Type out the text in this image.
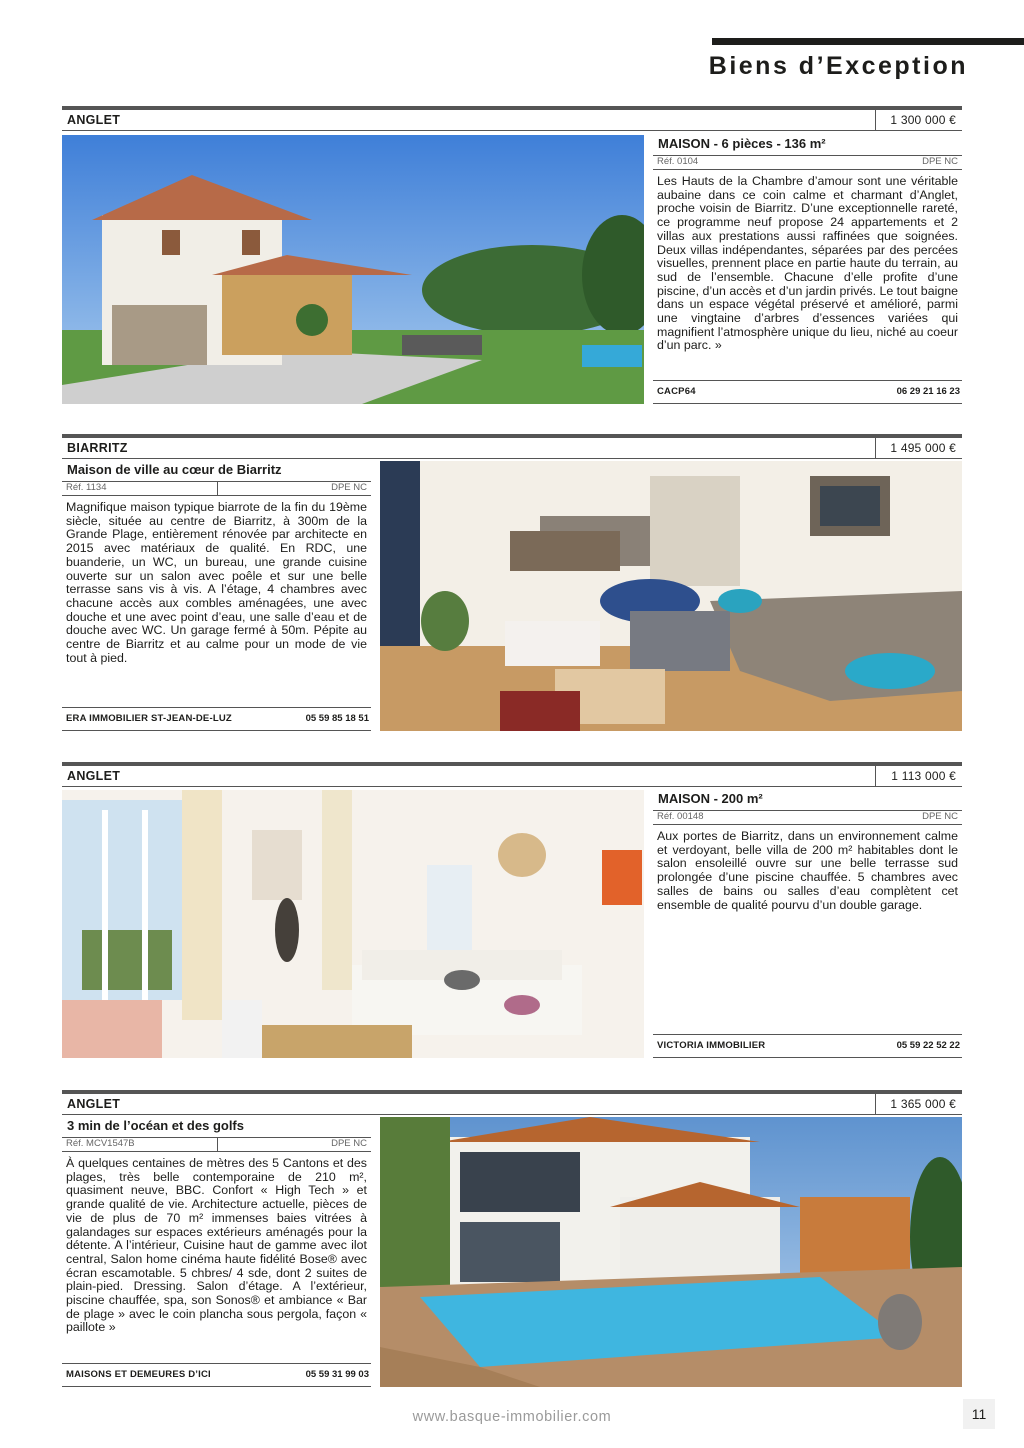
Biens d’Exception
ANGLET	1 300 000 €
MAISON - 6 pièces - 136 m²
Réf. 0104	DPE NC
Les Hauts de la Chambre d’amour sont une véritable aubaine dans ce coin calme et charmant d’Anglet, proche voisin de Biarritz. D’une exceptionnelle rareté, ce programme neuf propose 24 appartements et 2 villas aux prestations aussi raffinées que soignées. Deux villas indépendantes, séparées par des percées visuelles, prennent place en partie haute du terrain, au sud de l’ensemble. Chacune d’elle profite d’une piscine, d’un accès et d’un jardin privés. Le tout baigne dans un espace végétal préservé et amélioré, parmi une vingtaine d’arbres d’essences variées qui magnifient l’atmosphère unique du lieu, niché au coeur d’un parc. »
CACP64	06 29 21 16 23
BIARRITZ	1 495 000 €
Maison de ville au cœur de Biarritz
Réf. 1134	DPE NC
Magnifique maison typique biarrote de la fin du 19ème siècle, située au centre de Biarritz, à 300m de la Grande Plage, entièrement rénovée par architecte en 2015 avec matériaux de qualité. En RDC, une buanderie, un WC, un bureau, une grande cuisine ouverte sur un salon avec poêle et sur une belle terrasse sans vis à vis. A l’étage, 4 chambres avec chacune accès aux combles aménagées, une avec douche et une avec point d’eau, une salle d’eau et de douche avec WC. Un garage fermé à 50m. Pépite au centre de Biarritz et au calme pour un mode de vie tout à pied.
ERA IMMOBILIER ST-JEAN-DE-LUZ	05 59 85 18 51
ANGLET	1 113 000 €
MAISON - 200 m²
Réf. 00148	DPE NC
Aux portes de Biarritz, dans un environnement calme et verdoyant, belle villa de 200 m² habitables dont le salon ensoleillé ouvre sur une belle terrasse sud prolongée d’une piscine chauffée. 5 chambres avec salles de bains ou salles d’eau complètent cet ensemble de qualité pourvu d’un double garage.
VICTORIA IMMOBILIER	05 59 22 52 22
ANGLET	1 365 000 €
3 min de l’océan et des golfs
Réf. MCV1547B	DPE NC
À quelques centaines de mètres des 5 Cantons et des plages, très belle contemporaine de 210 m², quasiment neuve, BBC. Confort « High Tech » et grande qualité de vie. Architecture actuelle, pièces de vie de plus de 70 m² immenses baies vitrées à galandages sur espaces extérieurs aménagés pour la détente. A l’intérieur, Cuisine haut de gamme avec ilot central, Salon home cinéma haute fidélité Bose® avec écran escamotable. 5 chbres/ 4 sde, dont 2 suites de plain-pied. Dressing. Salon d’étage. A l’extérieur, piscine chauffée, spa, son Sonos® et ambiance « Bar de plage » avec le coin plancha sous pergola, façon « paillote »
MAISONS ET DEMEURES D’ICI	05 59 31 99 03
www.basque-immobilier.com	11
